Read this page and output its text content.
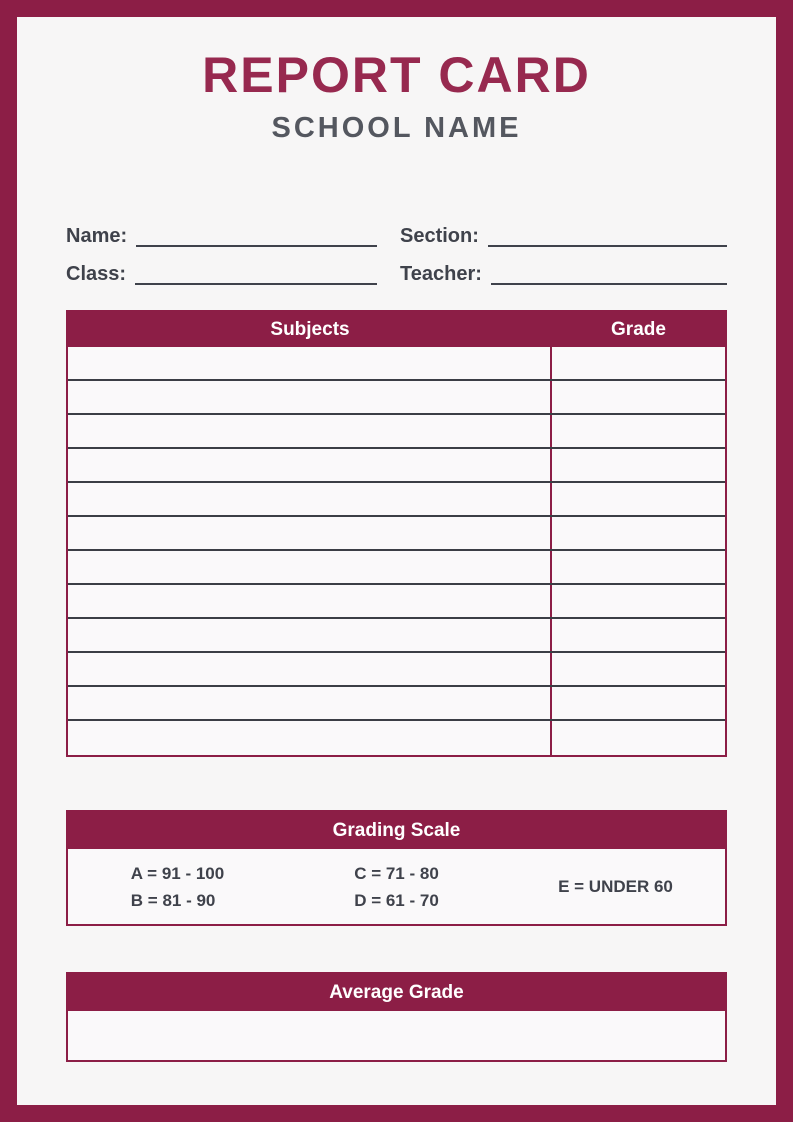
REPORT CARD
SCHOOL NAME
Name:	Section:
Class:	Teacher:
Subjects	Grade
Grading Scale
A = 91 - 100
B = 81 - 90
C = 71 - 80
D = 61 - 70
E = UNDER 60
Average Grade
